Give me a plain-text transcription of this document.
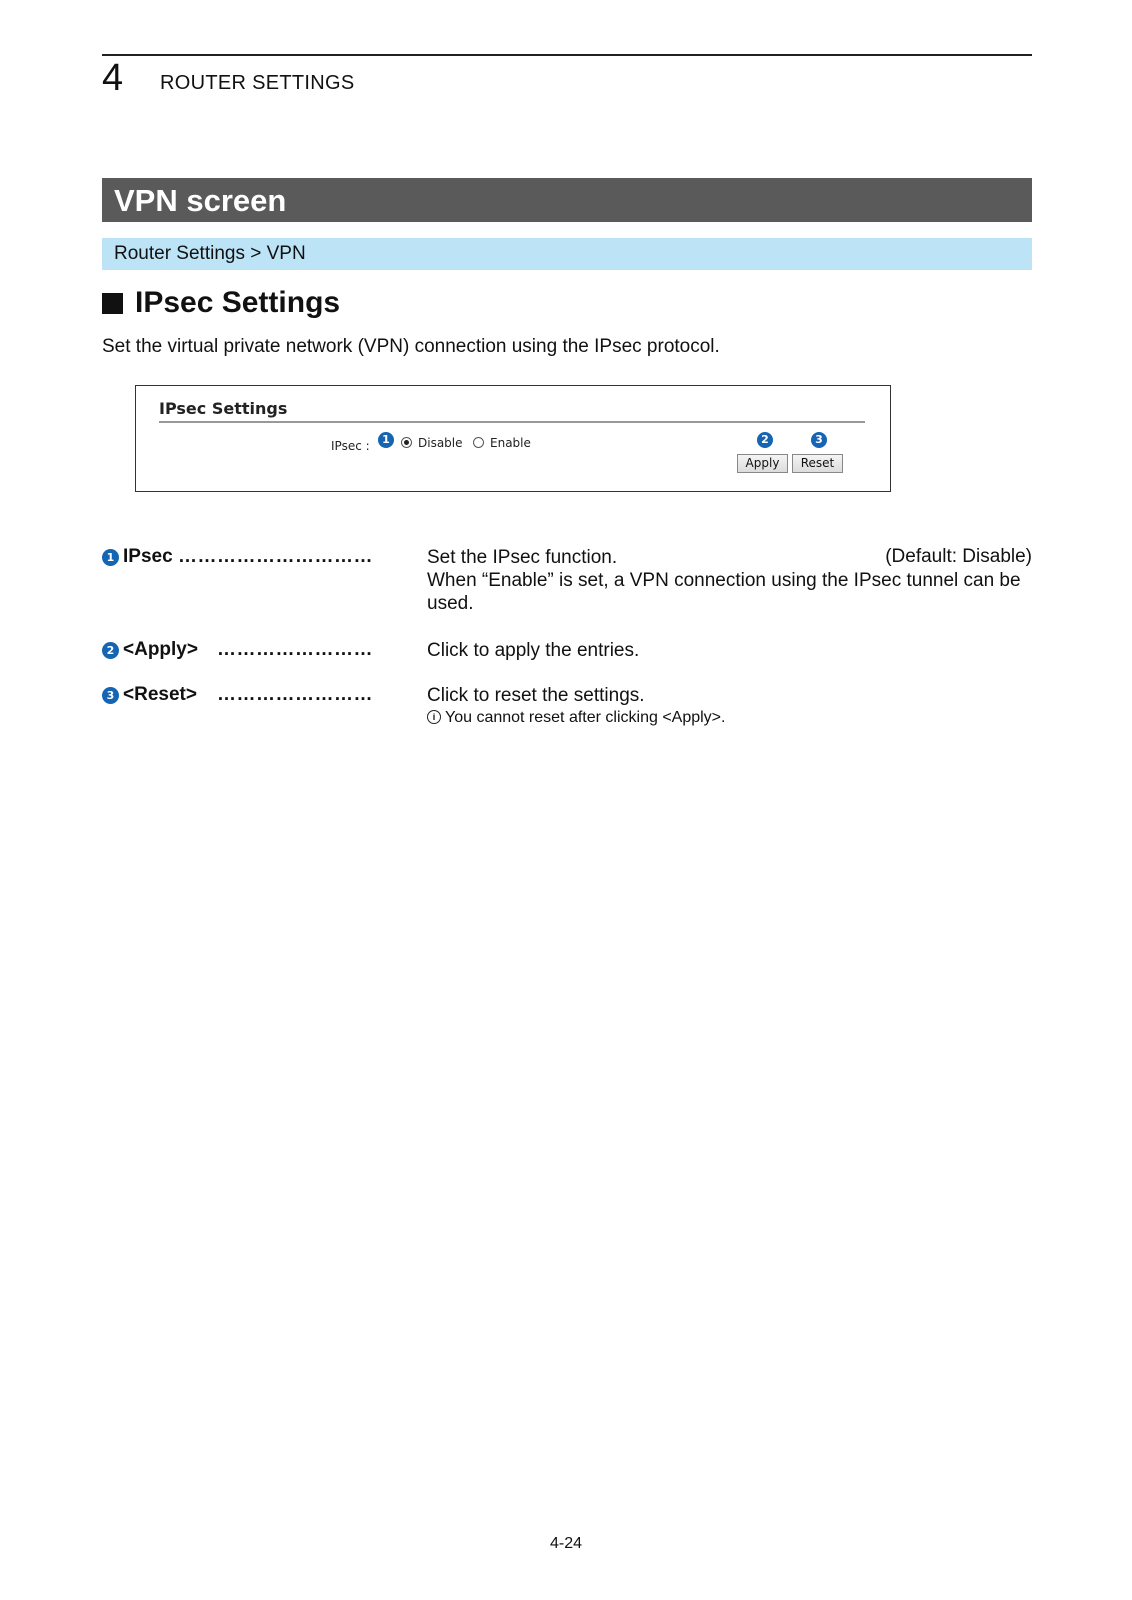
4 ROUTER SETTINGS
VPN screen
Router Settings > VPN
IPsec Settings
Set the virtual private network (VPN) connection using the IPsec protocol.
IPsec Settings
IPsec :	1	Disable Enable	2	3
Apply	Reset
1 IPsec …………………………	Set the IPsec function.
When “Enable” is set, a VPN connection using the IPsec tunnel can be used.
(Default: Disable)
2 <Apply> ……………………	Click to apply the entries.
3 <Reset> ……………………	Click to reset the settings.
i You cannot reset after clicking <Apply>.
4-24
